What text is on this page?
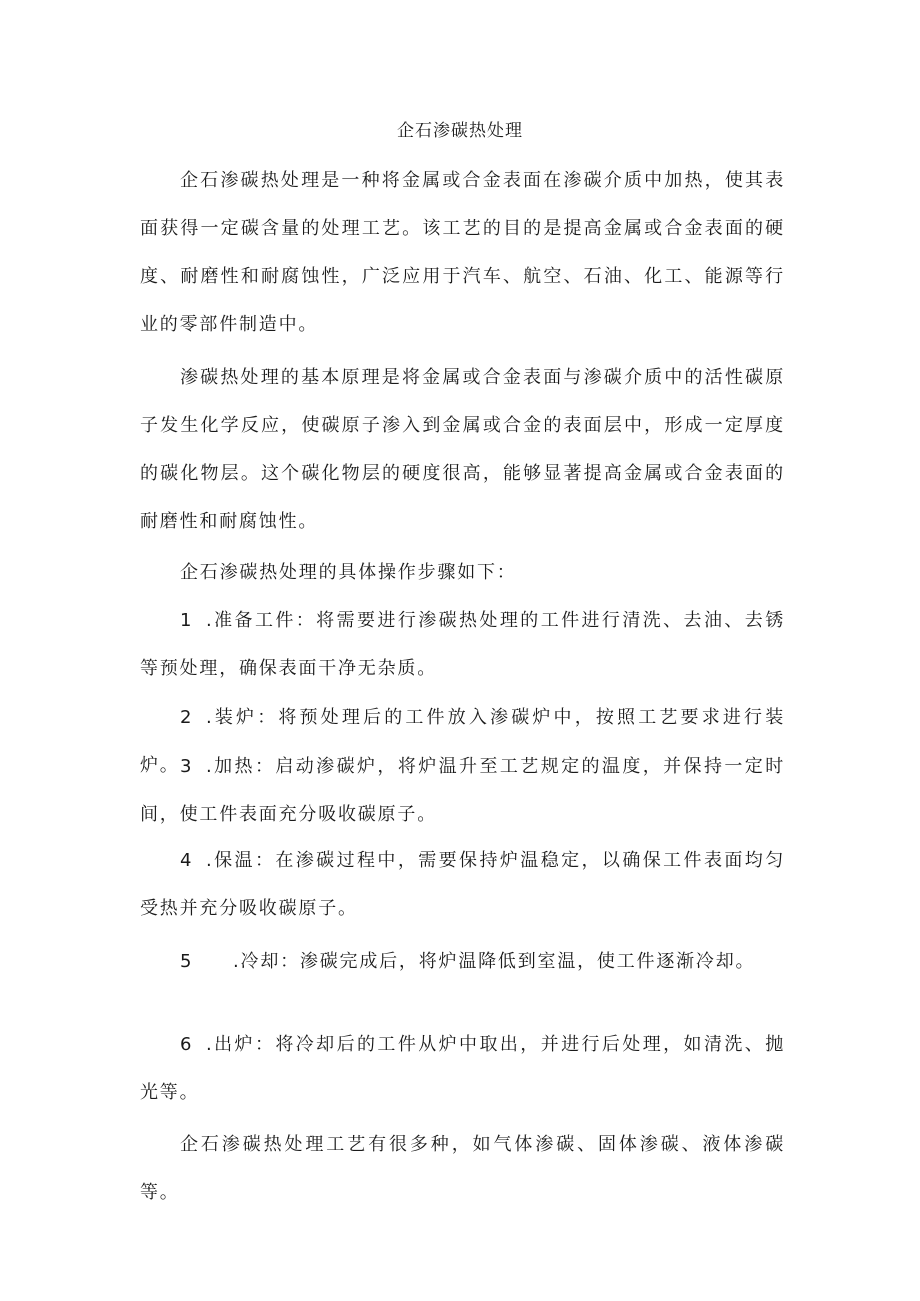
企石渗碳热处理

企石渗碳热处理是一种将金属或合金表面在渗碳介质中加热，使其表面获得一定碳含量的处理工艺。该工艺的目的是提高金属或合金表面的硬度、耐磨性和耐腐蚀性，广泛应用于汽车、航空、石油、化工、能源等行业的零部件制造中。

渗碳热处理的基本原理是将金属或合金表面与渗碳介质中的活性碳原子发生化学反应，使碳原子渗入到金属或合金的表面层中，形成一定厚度的碳化物层。这个碳化物层的硬度很高，能够显著提高金属或合金表面的耐磨性和耐腐蚀性。

企石渗碳热处理的具体操作步骤如下：

1 .准备工件：将需要进行渗碳热处理的工件进行清洗、去油、去锈等预处理，确保表面干净无杂质。

2 .装炉：将预处理后的工件放入渗碳炉中，按照工艺要求进行装炉。 3 .加热：启动渗碳炉，将炉温升至工艺规定的温度，并保持一定时间，使工件表面充分吸收碳原子。

4 .保温：在渗碳过程中，需要保持炉温稳定，以确保工件表面均匀受热并充分吸收碳原子。

5 .冷却：渗碳完成后，将炉温降低到室温，使工件逐渐冷却。

6 .出炉：将冷却后的工件从炉中取出，并进行后处理，如清洗、抛光等。

企石渗碳热处理工艺有很多种，如气体渗碳、固体渗碳、液体渗碳等。
